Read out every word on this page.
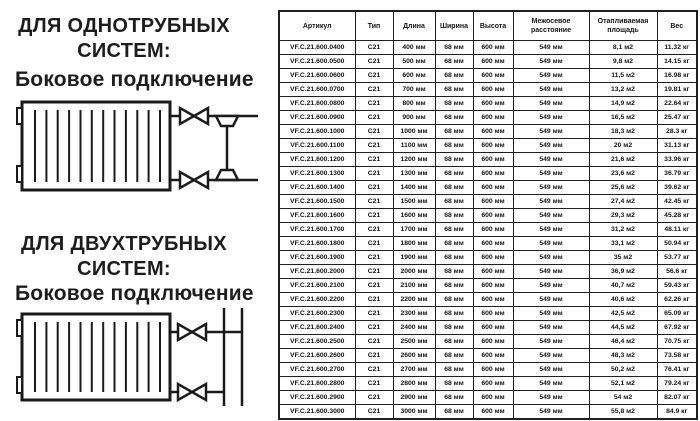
ДЛЯ ОДНОТРУБНЫХ
СИСТЕМ:
Боковое подключение
ДЛЯ ДВУХТРУБНЫХ
СИСТЕМ:
Боковое подключение
Артикул	Тип	Длина	Ширина	Высота	Межосевое расстояние	Отапливаемая площадь	Вес
VF.C.21.600.0400	C21	400 мм	68 мм	600 мм	549 мм	8,1 м2	11.32 кг
VF.C.21.600.0500	C21	500 мм	68 мм	600 мм	549 мм	9,8 м2	14.15 кг
VF.C.21.600.0600	C21	600 мм	68 мм	600 мм	549 мм	11,5 м2	16.98 кг
VF.C.21.600.0700	C21	700 мм	68 мм	600 мм	549 мм	13,2 м2	19.81 кг
VF.C.21.600.0800	C21	800 мм	68 мм	600 мм	549 мм	14,9 м2	22.64 кг
VF.C.21.600.0900	C21	900 мм	68 мм	600 мм	549 мм	16,5 м2	25.47 кг
VF.C.21.600.1000	C21	1000 мм	68 мм	600 мм	549 мм	18,3 м2	28.3 кг
VF.C.21.600.1100	C21	1100 мм	68 мм	600 мм	549 мм	20 м2	31.13 кг
VF.C.21.600.1200	C21	1200 мм	68 мм	600 мм	549 мм	21,6 м2	33.96 кг
VF.C.21.600.1300	C21	1300 мм	68 мм	600 мм	549 мм	23,6 м2	36.79 кг
VF.C.21.600.1400	C21	1400 мм	68 мм	600 мм	549 мм	25,6 м2	39.62 кг
VF.C.21.600.1500	C21	1500 мм	68 мм	600 мм	549 мм	27,4 м2	42.45 кг
VF.C.21.600.1600	C21	1600 мм	68 мм	600 мм	549 мм	29,3 м2	45.28 кг
VF.C.21.600.1700	C21	1700 мм	68 мм	600 мм	549 мм	31,2 м2	48.11 кг
VF.C.21.600.1800	C21	1800 мм	68 мм	600 мм	549 мм	33,1 м2	50.94 кг
VF.C.21.600.1900	C21	1900 мм	68 мм	600 мм	549 мм	35 м2	53.77 кг
VF.C.21.600.2000	C21	2000 мм	68 мм	600 мм	549 мм	36,9 м2	56.6 кг
VF.C.21.600.2100	C21	2100 мм	68 мм	600 мм	549 мм	40,7 м2	59.43 кг
VF.C.21.600.2200	C21	2200 мм	68 мм	600 мм	549 мм	40,6 м2	62.26 кг
VF.C.21.600.2300	C21	2300 мм	68 мм	600 мм	549 мм	42,5 м2	65.09 кг
VF.C.21.600.2400	C21	2400 мм	68 мм	600 мм	549 мм	44,5 м2	67.92 кг
VF.C.21.600.2500	C21	2500 мм	68 мм	600 мм	549 мм	46,4 м2	70.75 кг
VF.C.21.600.2600	C21	2600 мм	68 мм	600 мм	549 мм	48,3 м2	73.58 кг
VF.C.21.600.2700	C21	2700 мм	68 мм	600 мм	549 мм	50,2 м2	76.41 кг
VF.C.21.600.2800	C21	2800 мм	68 мм	600 мм	549 мм	52,1 м2	79.24 кг
VF.C.21.600.2900	C21	2900 мм	68 мм	600 мм	549 мм	54 м2	82.07 кг
VF.C.21.600.3000	C21	3000 мм	68 мм	600 мм	549 мм	55,8 м2	84.9 кг
